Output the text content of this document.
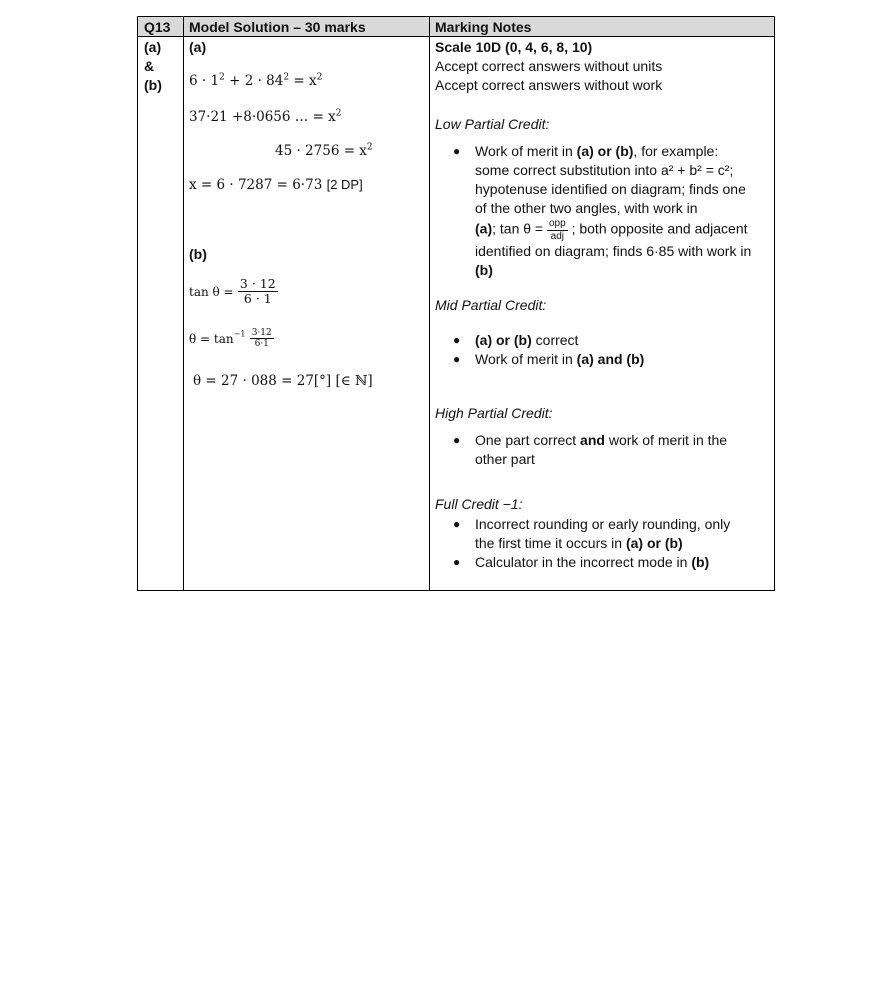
Q13
(a)
&
(b)
Model Solution – 30 marks
(a)
$6 \cdot 1^2 + 2 \cdot 84^2 = x^2$
37·21 +8·0656 … = $x^2$
$45 \cdot 2756 = x^2$
x = 6 · 7287 = 6·73 [2 DP]
(b)
$\tan \theta = \frac{3 \cdot 12}{6 \cdot 1}$
$\theta = \tan^{-1} \frac{3\cdot 12}{6\cdot 1}$
θ = 27 · 088 = 27[°] [∈ ℕ]
Marking Notes
Scale 10D (0, 4, 6, 8, 10)
Accept correct answers without units
Accept correct answers without work
Low Partial Credit:
● Work of merit in (a) or (b), for example:
some correct substitution into a² + b² = c²;
hypotenuse identified on diagram; finds one
of the other two angles, with work in
(a); $\tan \theta = \frac{\text{opp}}{\text{adj}}$ ; both opposite and adjacent
identified on diagram; finds 6·85 with work in
(b)
Mid Partial Credit:
● (a) or (b) correct
● Work of merit in (a) and (b)
High Partial Credit:
● One part correct and work of merit in the
other part
Full Credit −1:
● Incorrect rounding or early rounding, only
the first time it occurs in (a) or (b)
● Calculator in the incorrect mode in (b)
